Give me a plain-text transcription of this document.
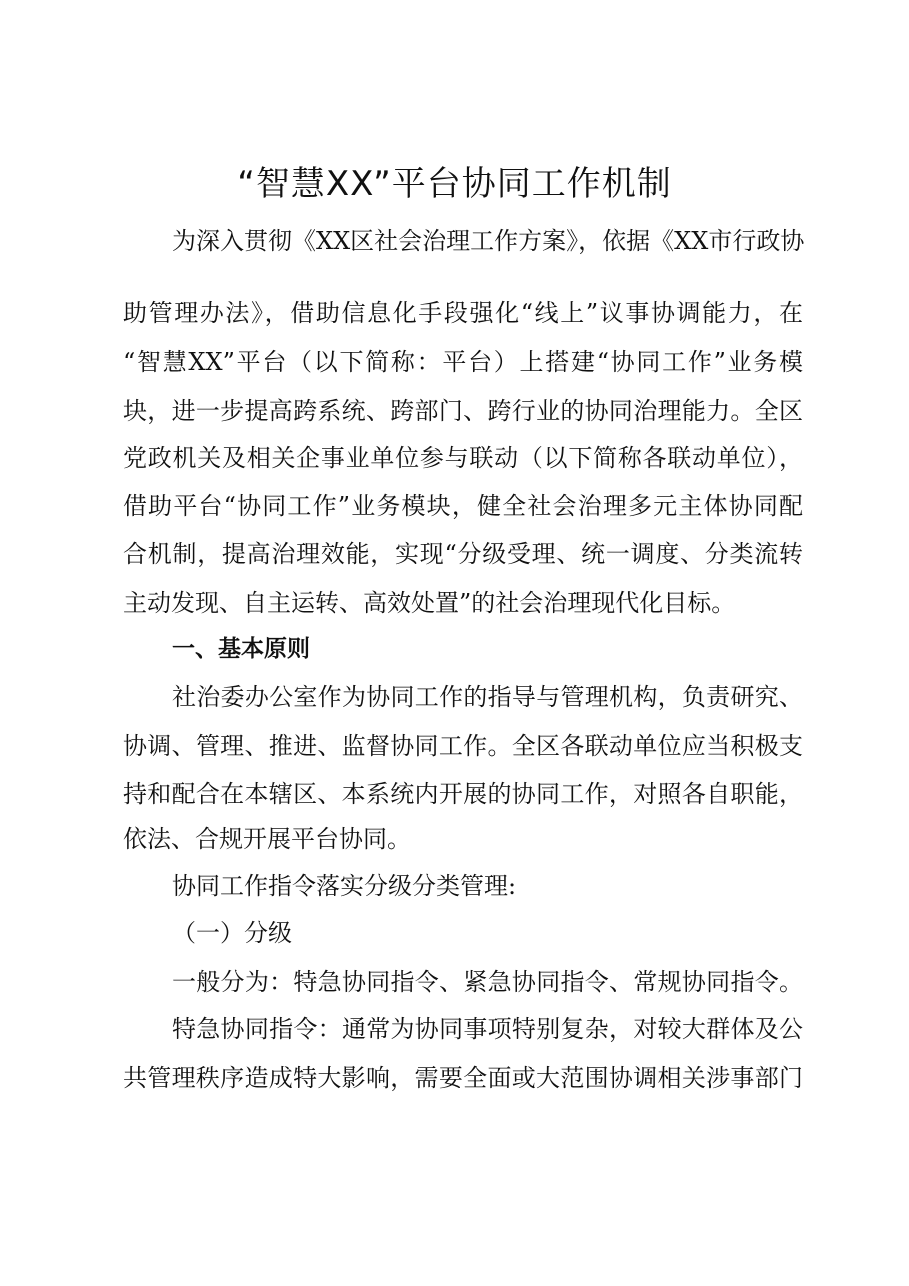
“智慧XX”平台协同工作机制

为深入贯彻《XX区社会治理工作方案》，依据《XX市行政协

助管理办法》，借助信息化手段强化“线上”议事协调能力，在

“智慧XX”平台（以下简称：平台）上搭建“协同工作”业务模

块，进一步提高跨系统、跨部门、跨行业的协同治理能力。全区

党政机关及相关企事业单位参与联动（以下简称各联动单位），

借助平台“协同工作”业务模块，健全社会治理多元主体协同配

合机制，提高治理效能，实现“分级受理、统一调度、分类流转

主动发现、自主运转、高效处置”的社会治理现代化目标。

一、基本原则

社治委办公室作为协同工作的指导与管理机构，负责研究、

协调、管理、推进、监督协同工作。全区各联动单位应当积极支

持和配合在本辖区、本系统内开展的协同工作，对照各自职能，

依法、合规开展平台协同。

协同工作指令落实分级分类管理:

（一）分级

一般分为：特急协同指令、紧急协同指令、常规协同指令。

特急协同指令：通常为协同事项特别复杂，对较大群体及公

共管理秩序造成特大影响，需要全面或大范围协调相关涉事部门
